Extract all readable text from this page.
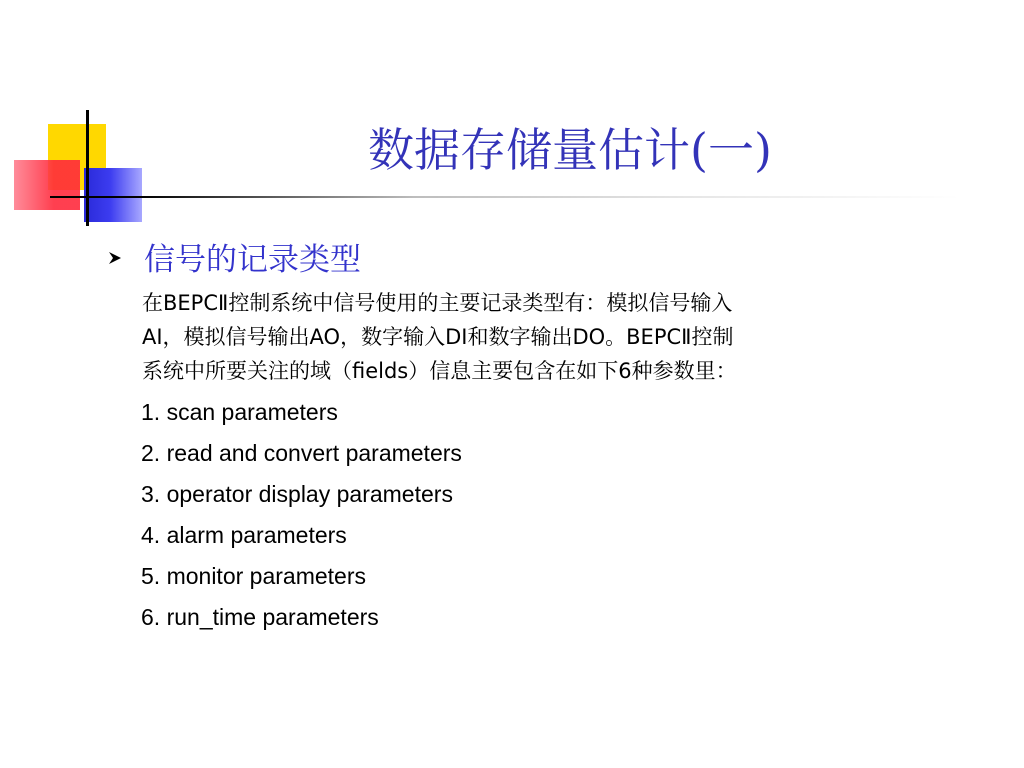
数据存储量估计(一)
信号的记录类型
在BEPCⅡ控制系统中信号使用的主要记录类型有：模拟信号输入
AI，模拟信号输出AO，数字输入DI和数字输出DO。BEPCⅡ控制
系统中所要关注的域（fields）信息主要包含在如下6种参数里：
1. scan parameters
2. read and convert parameters
3. operator display parameters
4. alarm parameters
5. monitor parameters
6. run_time parameters
